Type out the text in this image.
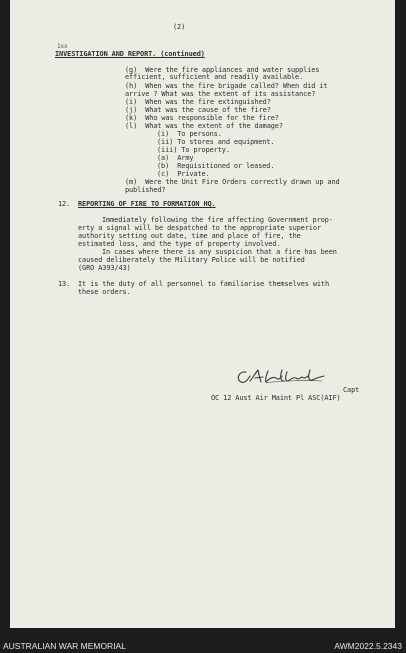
(2)
1xx
INVESTIGATION AND REPORT. (continued)
(g)  Were the fire appliances and water supplies
efficient, sufficient and readily available.
(h)  When was the fire brigade called? When did it
arrive ? What was the extent of its assistance?
(i)  When was the fire extinguished?
(j)  What was the cause of the fire?
(k)  Who was responsible for the fire?
(l)  What was the extent of the damage?
(i)  To persons.
(ii) To stores and equipment.
(iii) To property.
(a)  Army
(b)  Requisitioned or leased.
(c)  Private.
(m)  Were the Unit Fire Orders correctly drawn up and
published?
12. REPORTING OF FIRE TO FORMATION HQ.
Immediately following the fire affecting Government prop-
erty a signal will be despatched to the appropriate superior
authority setting out date, time and place of fire, the
estimated loss, and the type of property involved.
In cases where there is any suspicion that a fire has been
caused deliberately the Military Police will be notified
(GRO A393/43)
13. It is the duty of all personnel to familiarise themselves with
these orders.
Capt
OC 12 Aust Air Maint Pl ASC(AIF)
AUSTRALIAN WAR MEMORIAL	AWM2022.5.2343
